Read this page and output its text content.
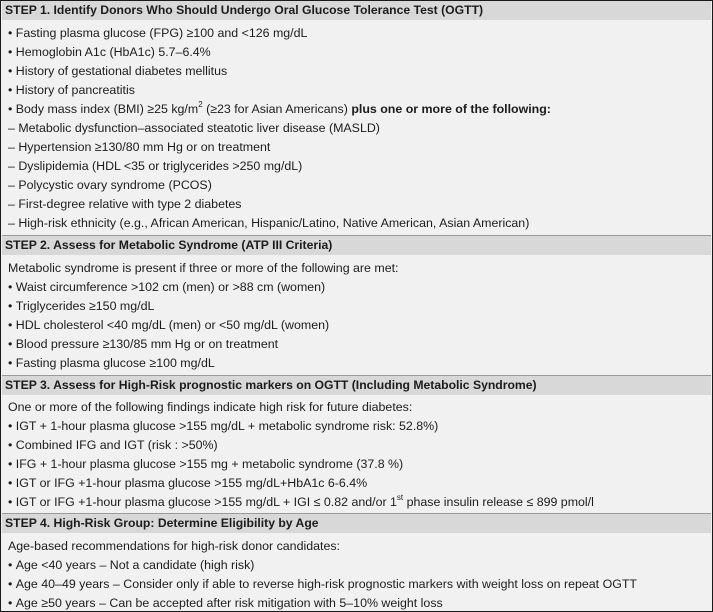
STEP 1. Identify Donors Who Should Undergo Oral Glucose Tolerance Test (OGTT)
• Fasting plasma glucose (FPG) ≥100 and <126 mg/dL
• Hemoglobin A1c (HbA1c) 5.7–6.4%
• History of gestational diabetes mellitus
• History of pancreatitis
• Body mass index (BMI) ≥25 $kg/m^2$ (≥23 for Asian Americans) plus one or more of the following:
– Metabolic dysfunction–associated steatotic liver disease (MASLD)
– Hypertension ≥130/80 mm Hg or on treatment
– Dyslipidemia (HDL <35 or triglycerides >250 mg/dL)
– Polycystic ovary syndrome (PCOS)
– First-degree relative with type 2 diabetes
– High-risk ethnicity (e.g., African American, Hispanic/Latino, Native American, Asian American)
STEP 2. Assess for Metabolic Syndrome (ATP III Criteria)
Metabolic syndrome is present if three or more of the following are met:
• Waist circumference >102 cm (men) or >88 cm (women)
• Triglycerides ≥150 mg/dL
• HDL cholesterol <40 mg/dL (men) or <50 mg/dL (women)
• Blood pressure ≥130/85 mm Hg or on treatment
• Fasting plasma glucose ≥100 mg/dL
STEP 3. Assess for High-Risk prognostic markers on OGTT (Including Metabolic Syndrome)
One or more of the following findings indicate high risk for future diabetes:
• IGT + 1-hour plasma glucose >155 mg/dL + metabolic syndrome risk: 52.8%)
• Combined IFG and IGT (risk : >50%)
• IFG + 1-hour plasma glucose >155 mg + metabolic syndrome (37.8 %)
• IGT or IFG +1-hour plasma glucose >155 mg/dL+HbA1c 6-6.4%
• IGT or IFG +1-hour plasma glucose >155 mg/dL + IGI ≤ 0.82 and/or 1st phase insulin release ≤ 899 pmol/l
STEP 4. High-Risk Group: Determine Eligibility by Age
Age-based recommendations for high-risk donor candidates:
• Age <40 years – Not a candidate (high risk)
• Age 40–49 years – Consider only if able to reverse high-risk prognostic markers with weight loss on repeat OGTT
• Age ≥50 years – Can be accepted after risk mitigation with 5–10% weight loss
